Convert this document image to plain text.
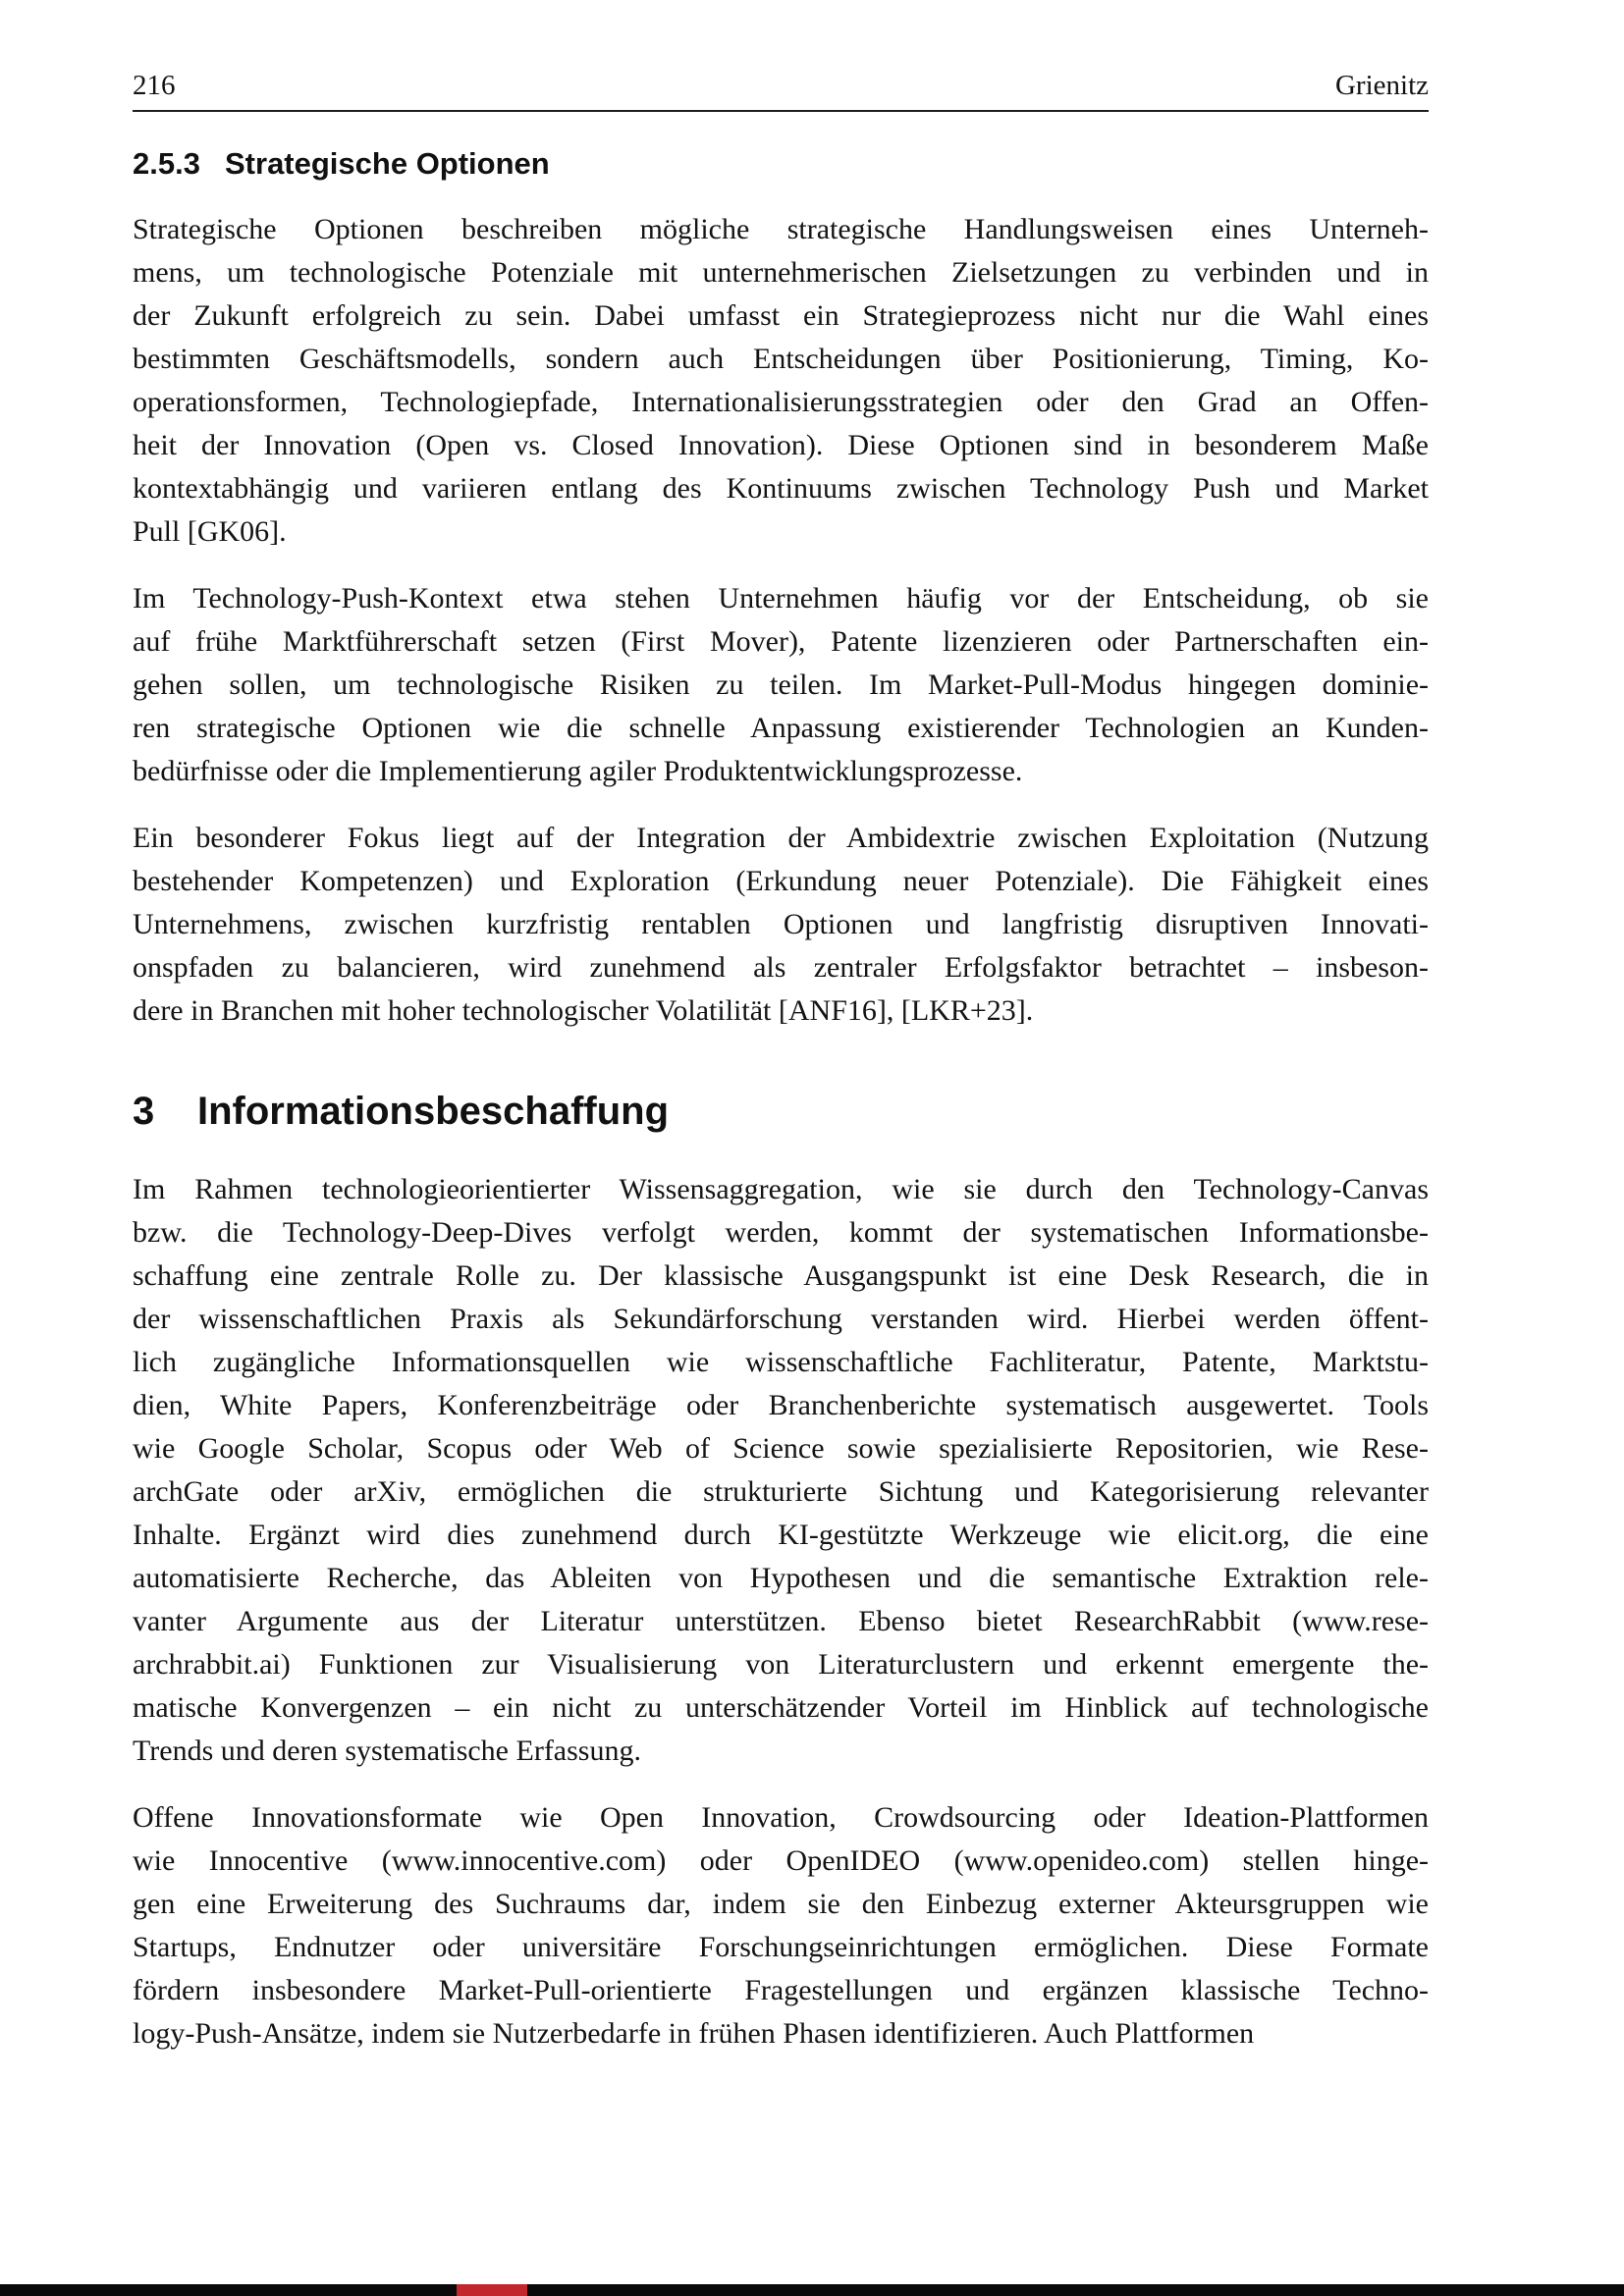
216	Grienitz
2.5.3 Strategische Optionen
Strategische Optionen beschreiben mögliche strategische Handlungsweisen eines Unterneh-
mens, um technologische Potenziale mit unternehmerischen Zielsetzungen zu verbinden und in
der Zukunft erfolgreich zu sein. Dabei umfasst ein Strategieprozess nicht nur die Wahl eines
bestimmten Geschäftsmodells, sondern auch Entscheidungen über Positionierung, Timing, Ko-
operationsformen, Technologiepfade, Internationalisierungsstrategien oder den Grad an Offen-
heit der Innovation (Open vs. Closed Innovation). Diese Optionen sind in besonderem Maße
kontextabhängig und variieren entlang des Kontinuums zwischen Technology Push und Market
Pull [GK06].
Im Technology-Push-Kontext etwa stehen Unternehmen häufig vor der Entscheidung, ob sie
auf frühe Marktführerschaft setzen (First Mover), Patente lizenzieren oder Partnerschaften ein-
gehen sollen, um technologische Risiken zu teilen. Im Market-Pull-Modus hingegen dominie-
ren strategische Optionen wie die schnelle Anpassung existierender Technologien an Kunden-
bedürfnisse oder die Implementierung agiler Produktentwicklungsprozesse.
Ein besonderer Fokus liegt auf der Integration der Ambidextrie zwischen Exploitation (Nutzung
bestehender Kompetenzen) und Exploration (Erkundung neuer Potenziale). Die Fähigkeit eines
Unternehmens, zwischen kurzfristig rentablen Optionen und langfristig disruptiven Innovati-
onspfaden zu balancieren, wird zunehmend als zentraler Erfolgsfaktor betrachtet – insbeson-
dere in Branchen mit hoher technologischer Volatilität [ANF16], [LKR+23].
3 Informationsbeschaffung
Im Rahmen technologieorientierter Wissensaggregation, wie sie durch den Technology-Canvas
bzw. die Technology-Deep-Dives verfolgt werden, kommt der systematischen Informationsbe-
schaffung eine zentrale Rolle zu. Der klassische Ausgangspunkt ist eine Desk Research, die in
der wissenschaftlichen Praxis als Sekundärforschung verstanden wird. Hierbei werden öffent-
lich zugängliche Informationsquellen wie wissenschaftliche Fachliteratur, Patente, Marktstu-
dien, White Papers, Konferenzbeiträge oder Branchenberichte systematisch ausgewertet. Tools
wie Google Scholar, Scopus oder Web of Science sowie spezialisierte Repositorien, wie Rese-
archGate oder arXiv, ermöglichen die strukturierte Sichtung und Kategorisierung relevanter
Inhalte. Ergänzt wird dies zunehmend durch KI-gestützte Werkzeuge wie elicit.org, die eine
automatisierte Recherche, das Ableiten von Hypothesen und die semantische Extraktion rele-
vanter Argumente aus der Literatur unterstützen. Ebenso bietet ResearchRabbit (www.rese-
archrabbit.ai) Funktionen zur Visualisierung von Literaturclustern und erkennt emergente the-
matische Konvergenzen – ein nicht zu unterschätzender Vorteil im Hinblick auf technologische
Trends und deren systematische Erfassung.
Offene Innovationsformate wie Open Innovation, Crowdsourcing oder Ideation-Plattformen
wie Innocentive (www.innocentive.com) oder OpenIDEO (www.openideo.com) stellen hinge-
gen eine Erweiterung des Suchraums dar, indem sie den Einbezug externer Akteursgruppen wie
Startups, Endnutzer oder universitäre Forschungseinrichtungen ermöglichen. Diese Formate
fördern insbesondere Market-Pull-orientierte Fragestellungen und ergänzen klassische Techno-
logy-Push-Ansätze, indem sie Nutzerbedarfe in frühen Phasen identifizieren. Auch Plattformen
